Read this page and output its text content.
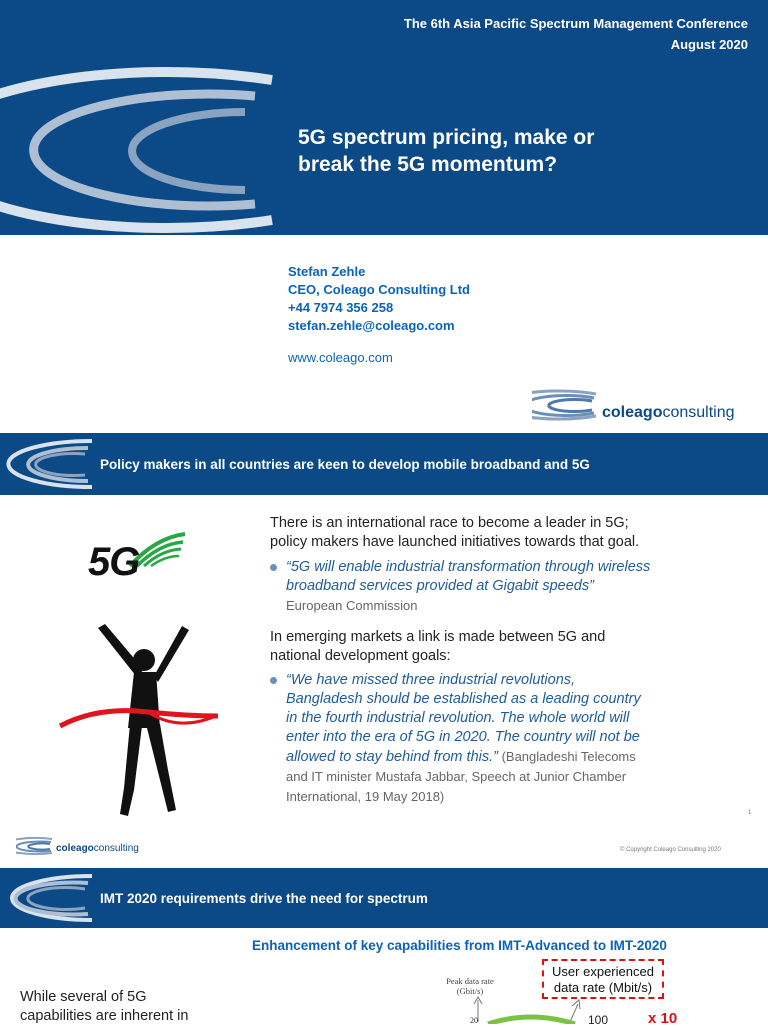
The 6th Asia Pacific Spectrum Management Conference
August 2020
5G spectrum pricing, make or
break the 5G momentum?
Stefan Zehle
CEO, Coleago Consulting Ltd
+44 7974 356 258
stefan.zehle@coleago.com
www.coleago.com
coleagoconsulting
Policy makers in all countries are keen to develop mobile broadband and 5G
5G

There is an international race to become a leader in 5G;
policy makers have launched initiatives towards that goal.

“5G will enable industrial transformation through wireless
broadband services provided at Gigabit speeds”
European Commission

In emerging markets a link is made between 5G and
national development goals:

“We have missed three industrial revolutions,
Bangladesh should be established as a leading country
in the fourth industrial revolution. The whole world will
enter into the era of 5G in 2020. The country will not be
allowed to stay behind from this.” (Bangladeshi Telecoms
and IT minister Mustafa Jabbar, Speech at Junior Chamber
International, 19 May 2018)

1
coleagoconsulting	© Copyright Coleago Consulting 2020
IMT 2020 requirements drive the need for spectrum
Enhancement of key capabilities from IMT-Advanced to IMT-2020

While several of 5G
capabilities are inherent in

User experienced
data rate (Mbit/s)

Peak data rate
(Gbit/s)

20	100	x 10
